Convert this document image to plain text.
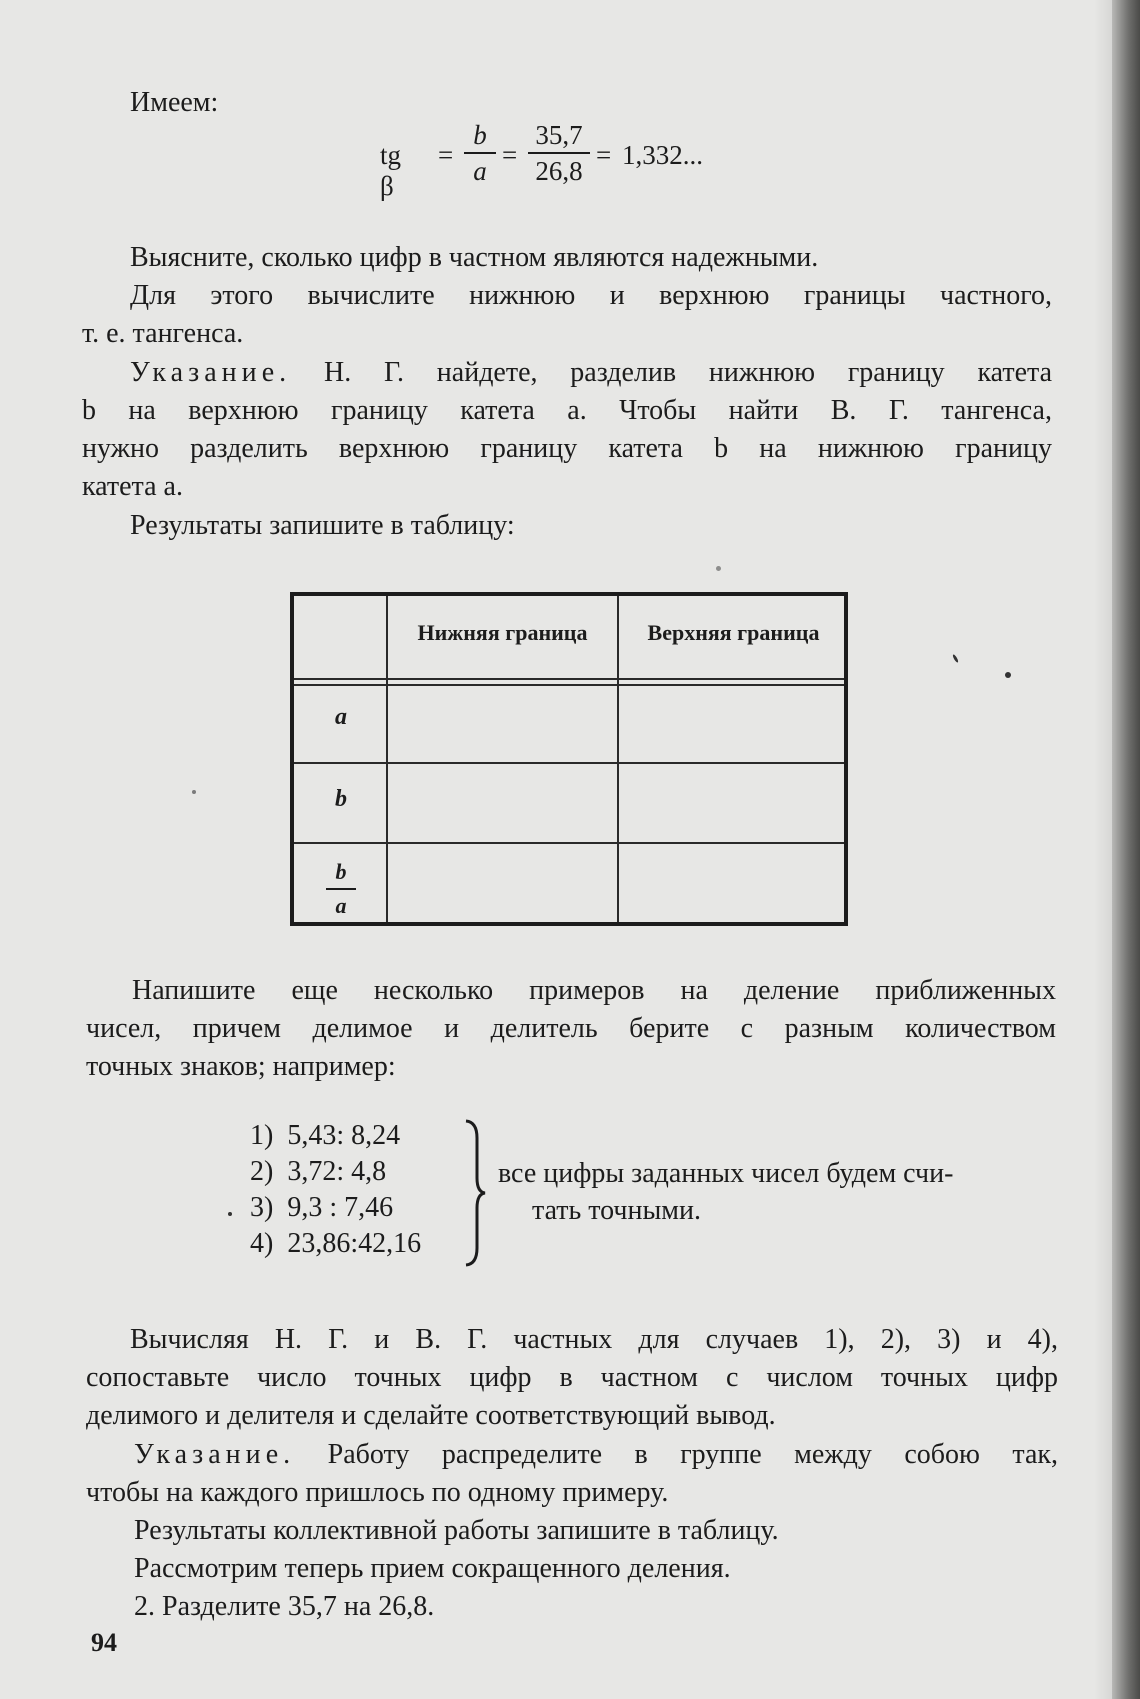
Имеем:

tg β
=
b
a
=
35,7
26,8
= 1,332...

Выясните, сколько цифр в частном являются надежными.

Для этого вычислите нижнюю и верхнюю границы частного,

т. е. тангенса.

Указание. Н. Г. найдете, разделив нижнюю границу катета

b на верхнюю границу катета a. Чтобы найти В. Г. тангенса,

нужно разделить верхнюю границу катета b на нижнюю границу

катета a.

Результаты запишите в таблицу:

Нижняя граница	Верхняя граница
a
b
b
a

Напишите еще несколько примеров на деление приближенных

чисел, причем делимое и делитель берите с разным количеством

точных знаков; например:

1) 5,43: 8,24
2) 3,72: 4,8
3) 9,3 : 7,46
4) 23,86:42,16

все цифры заданных чисел будем счи-

тать точными.

Вычисляя Н. Г. и В. Г. частных для случаев 1), 2), 3) и 4),

сопоставьте число точных цифр в частном с числом точных цифр

делимого и делителя и сделайте соответствующий вывод.

Указание. Работу распределите в группе между собою так,

чтобы на каждого пришлось по одному примеру.

Результаты коллективной работы запишите в таблицу.

Рассмотрим теперь прием сокращенного деления.

2. Разделите 35,7 на 26,8.

94
